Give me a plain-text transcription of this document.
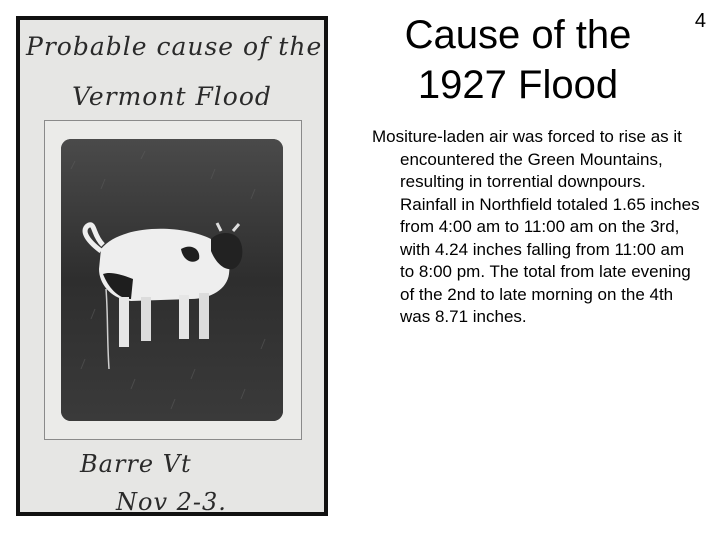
Probable cause of the
Vermont Flood
Barre Vt
Nov 2-3.
Cause of the
1927 Flood
4
Mositure-laden air was forced to rise as it encountered the Green Mountains, resulting in torrential downpours. Rainfall in Northfield totaled 1.65 inches from 4:00 am to 11:00 am on the 3rd, with 4.24 inches falling from 11:00 am to 8:00 pm. The total from late evening of the 2nd to late morning on the 4th was 8.71 inches.
